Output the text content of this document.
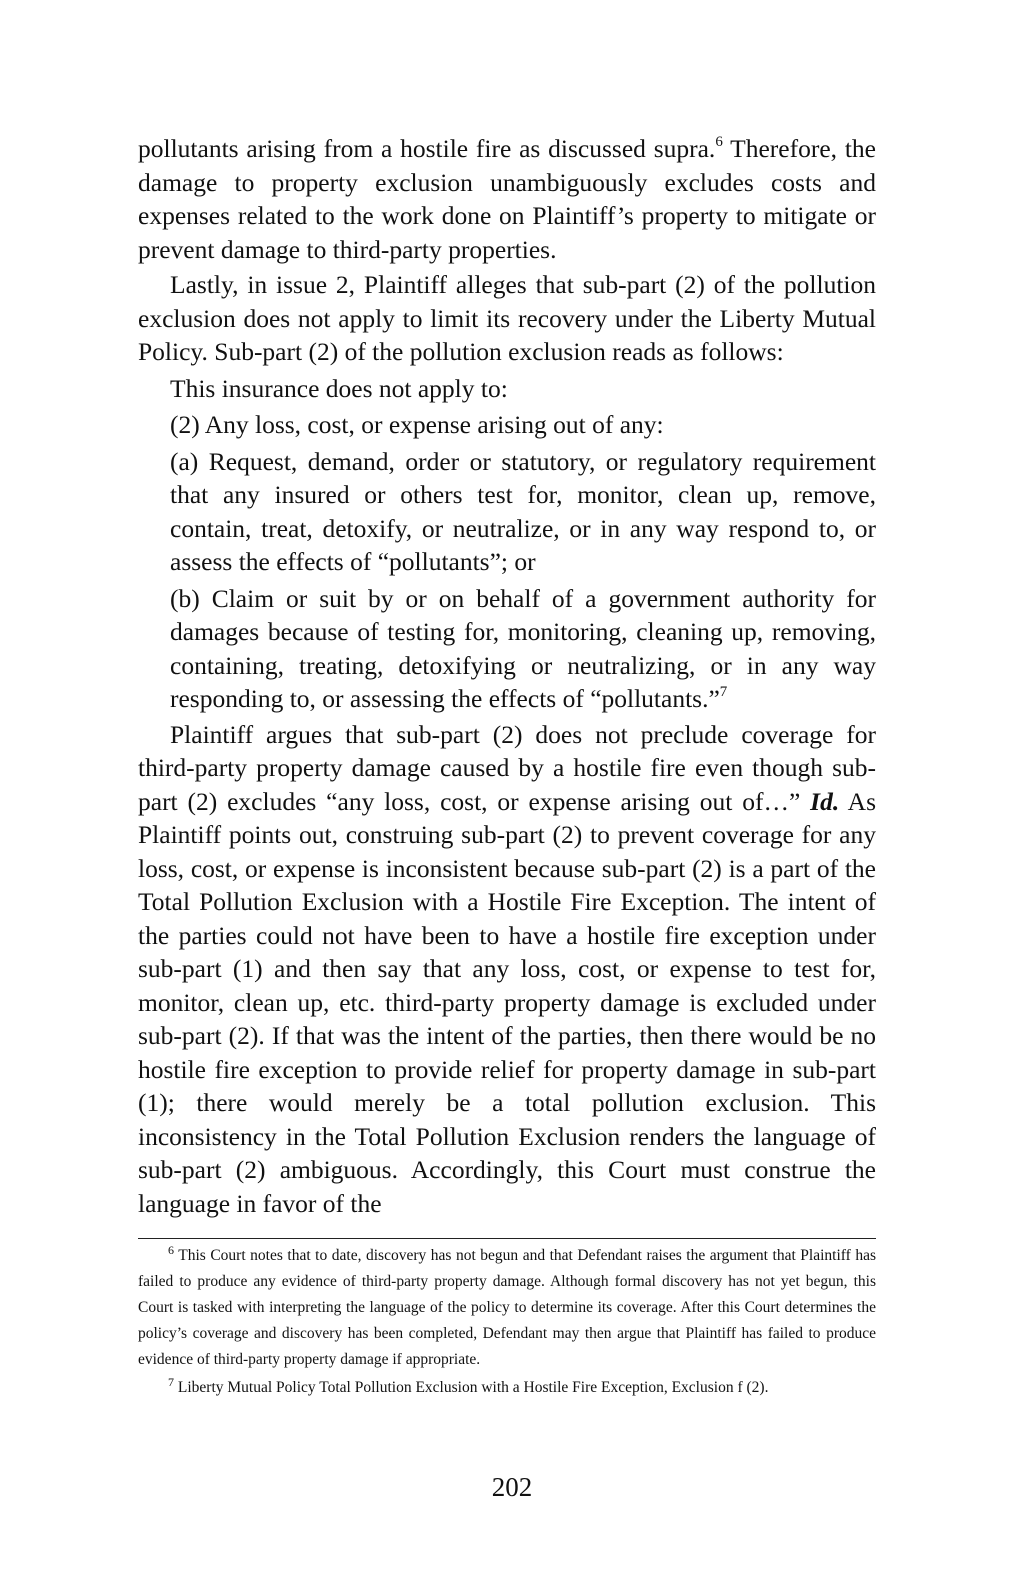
pollutants arising from a hostile fire as discussed supra.$^6$ Therefore, the damage to property exclusion unambiguously excludes costs and expenses related to the work done on Plaintiff’s property to mitigate or prevent damage to third-party properties.

Lastly, in issue 2, Plaintiff alleges that sub-part (2) of the pollution exclusion does not apply to limit its recovery under the Liberty Mutual Policy. Sub-part (2) of the pollution exclusion reads as follows:

This insurance does not apply to:

(2) Any loss, cost, or expense arising out of any:

(a) Request, demand, order or statutory, or regulatory requirement that any insured or others test for, monitor, clean up, remove, contain, treat, detoxify, or neutralize, or in any way respond to, or assess the effects of “pollutants”; or

(b) Claim or suit by or on behalf of a government authority for damages because of testing for, monitoring, cleaning up, removing, containing, treating, detoxifying or neutralizing, or in any way responding to, or assessing the effects of “pollutants.”$^7$

Plaintiff argues that sub-part (2) does not preclude coverage for third-party property damage caused by a hostile fire even though sub-part (2) excludes “any loss, cost, or expense arising out of…” Id. As Plaintiff points out, construing sub-part (2) to prevent coverage for any loss, cost, or expense is inconsistent because sub-part (2) is a part of the Total Pollution Exclusion with a Hostile Fire Exception. The intent of the parties could not have been to have a hostile fire exception under sub-part (1) and then say that any loss, cost, or expense to test for, monitor, clean up, etc. third-party property damage is excluded under sub-part (2). If that was the intent of the parties, then there would be no hostile fire exception to provide relief for property damage in sub-part (1); there would merely be a total pollution exclusion. This inconsistency in the Total Pollution Exclusion renders the language of sub-part (2) ambiguous. Accordingly, this Court must construe the language in favor of the

$^6$ This Court notes that to date, discovery has not begun and that Defendant raises the argument that Plaintiff has failed to produce any evidence of third-party property damage. Although formal discovery has not yet begun, this Court is tasked with interpreting the language of the policy to determine its coverage. After this Court determines the policy’s coverage and discovery has been completed, Defendant may then argue that Plaintiff has failed to produce evidence of third-party property damage if appropriate.

$^7$ Liberty Mutual Policy Total Pollution Exclusion with a Hostile Fire Exception, Exclusion f (2).

202
